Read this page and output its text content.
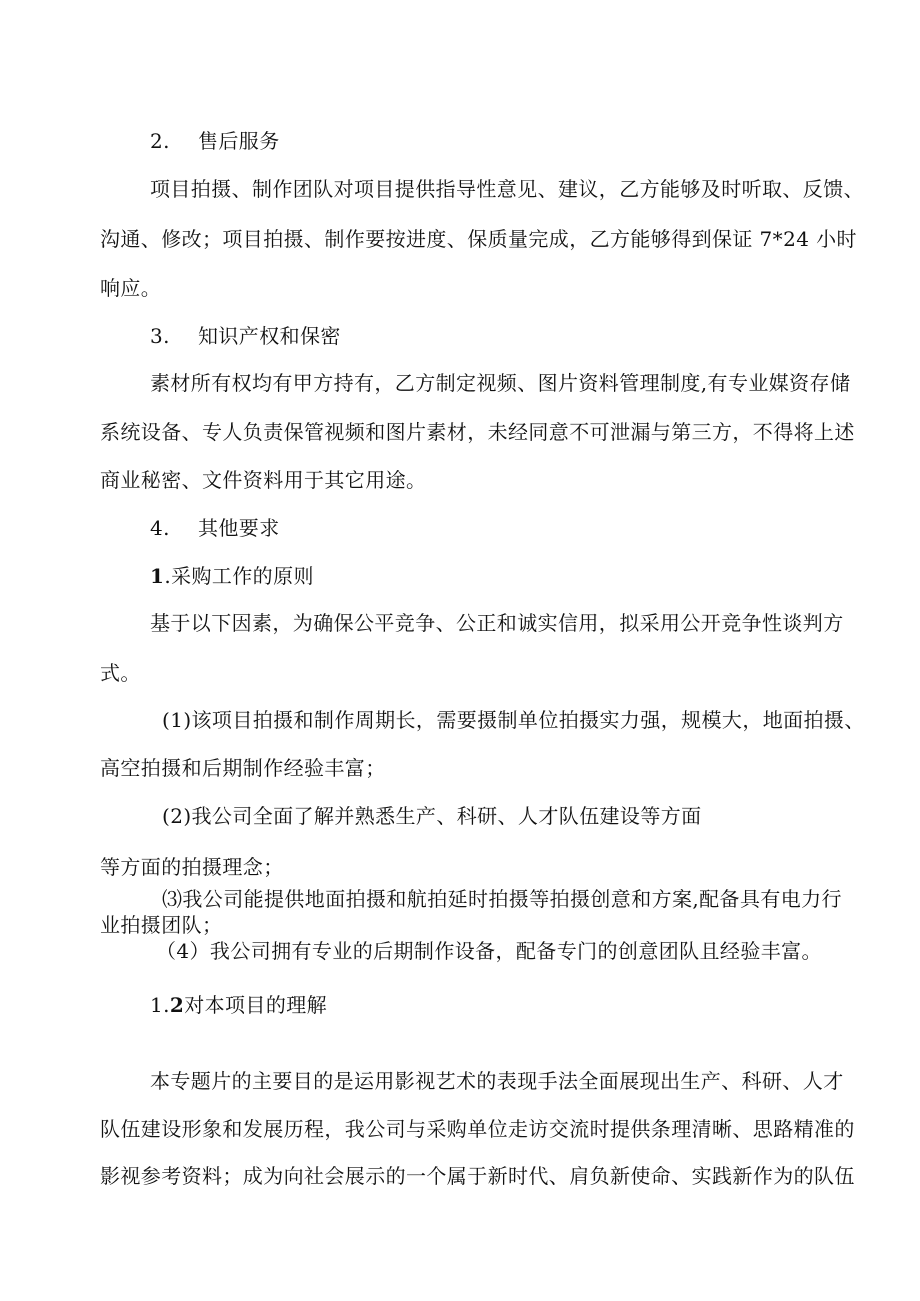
2. 售后服务
项目拍摄、制作团队对项目提供指导性意见、建议，乙方能够及时听取、反馈、
沟通、修改；项目拍摄、制作要按进度、保质量完成，乙方能够得到保证 7*24 小时
响应。
3. 知识产权和保密
素材所有权均有甲方持有，乙方制定视频、图片资料管理制度,有专业媒资存储
系统设备、专人负责保管视频和图片素材，未经同意不可泄漏与第三方，不得将上述
商业秘密、文件资料用于其它用途。
4. 其他要求
1.采购工作的原则
基于以下因素，为确保公平竞争、公正和诚实信用，拟采用公开竞争性谈判方
式。
(1)该项目拍摄和制作周期长，需要摄制单位拍摄实力强，规模大，地面拍摄、
高空拍摄和后期制作经验丰富；
(2)我公司全面了解并熟悉生产、科研、人才队伍建设等方面
等方面的拍摄理念；
⑶我公司能提供地面拍摄和航拍延时拍摄等拍摄创意和方案,配备具有电力行
业拍摄团队；
（4）我公司拥有专业的后期制作设备，配备专门的创意团队且经验丰富。
1.2对本项目的理解
本专题片的主要目的是运用影视艺术的表现手法全面展现出生产、科研、人才
队伍建设形象和发展历程，我公司与采购单位走访交流时提供条理清晰、思路精准的
影视参考资料；成为向社会展示的一个属于新时代、肩负新使命、实践新作为的队伍
